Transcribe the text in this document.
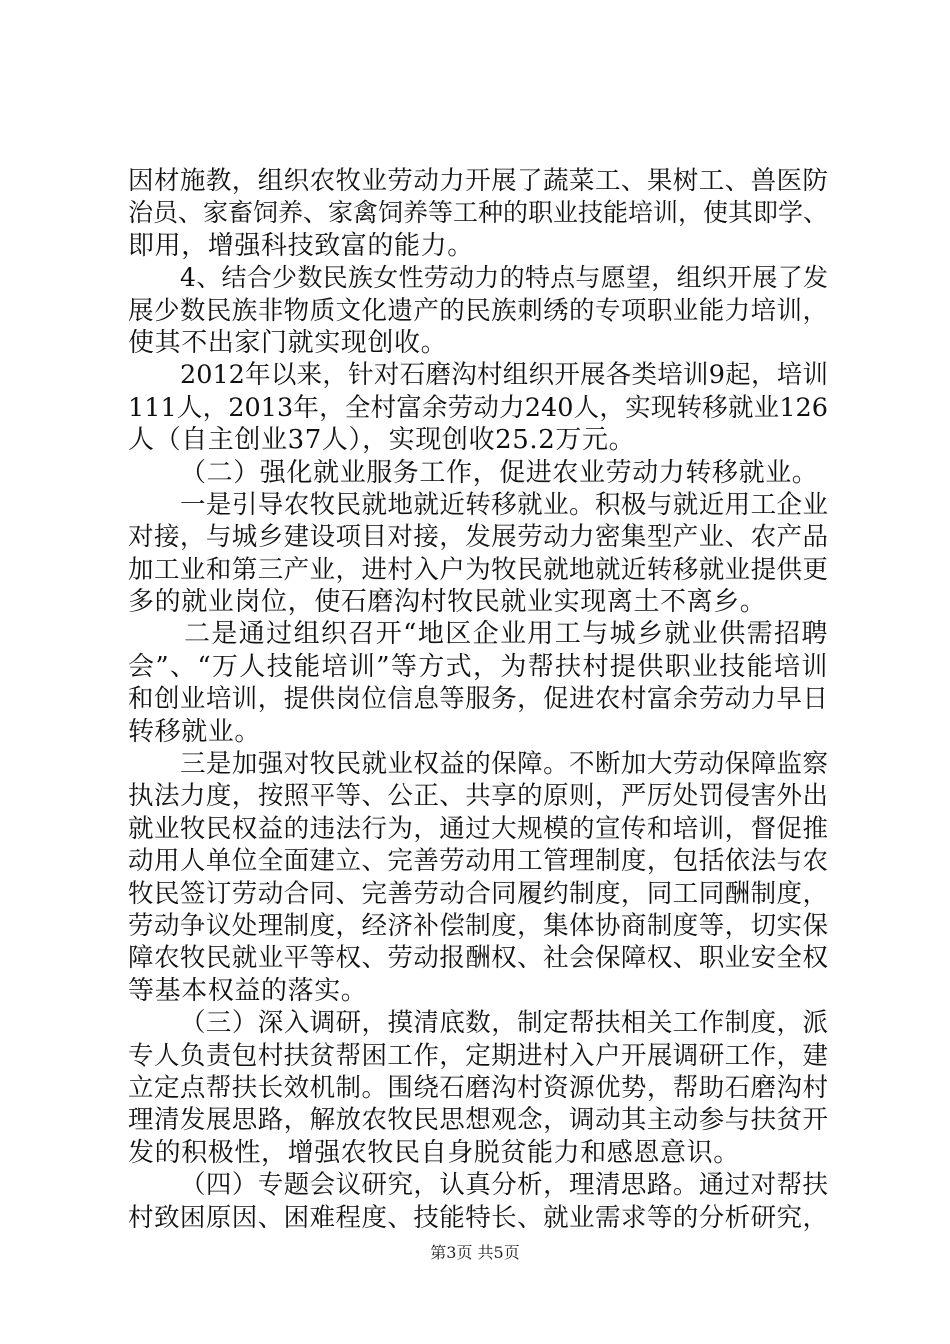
因材施教，组织农牧业劳动力开展了蔬菜工、果树工、兽医防
治员、家畜饲养、家禽饲养等工种的职业技能培训，使其即学、
即用，增强科技致富的能力。
4、结合少数民族女性劳动力的特点与愿望，组织开展了发
展少数民族非物质文化遗产的民族刺绣的专项职业能力培训，
使其不出家门就实现创收。
2012年以来，针对石磨沟村组织开展各类培训9起，培训
111人，2013年，全村富余劳动力240人，实现转移就业126
人（自主创业37人），实现创收25.2万元。
（二）强化就业服务工作，促进农业劳动力转移就业。
一是引导农牧民就地就近转移就业。积极与就近用工企业
对接，与城乡建设项目对接，发展劳动力密集型产业、农产品
加工业和第三产业，进村入户为牧民就地就近转移就业提供更
多的就业岗位，使石磨沟村牧民就业实现离土不离乡。
二是通过组织召开“地区企业用工与城乡就业供需招聘
会”、“万人技能培训”等方式，为帮扶村提供职业技能培训
和创业培训，提供岗位信息等服务，促进农村富余劳动力早日
转移就业。
三是加强对牧民就业权益的保障。不断加大劳动保障监察
执法力度，按照平等、公正、共享的原则，严厉处罚侵害外出
就业牧民权益的违法行为，通过大规模的宣传和培训，督促推
动用人单位全面建立、完善劳动用工管理制度，包括依法与农
牧民签订劳动合同、完善劳动合同履约制度，同工同酬制度，
劳动争议处理制度，经济补偿制度，集体协商制度等，切实保
障农牧民就业平等权、劳动报酬权、社会保障权、职业安全权
等基本权益的落实。
（三）深入调研，摸清底数，制定帮扶相关工作制度，派
专人负责包村扶贫帮困工作，定期进村入户开展调研工作，建
立定点帮扶长效机制。围绕石磨沟村资源优势，帮助石磨沟村
理清发展思路，解放农牧民思想观念，调动其主动参与扶贫开
发的积极性，增强农牧民自身脱贫能力和感恩意识。
（四）专题会议研究，认真分析，理清思路。通过对帮扶
村致困原因、困难程度、技能特长、就业需求等的分析研究，
第3页 共5页
